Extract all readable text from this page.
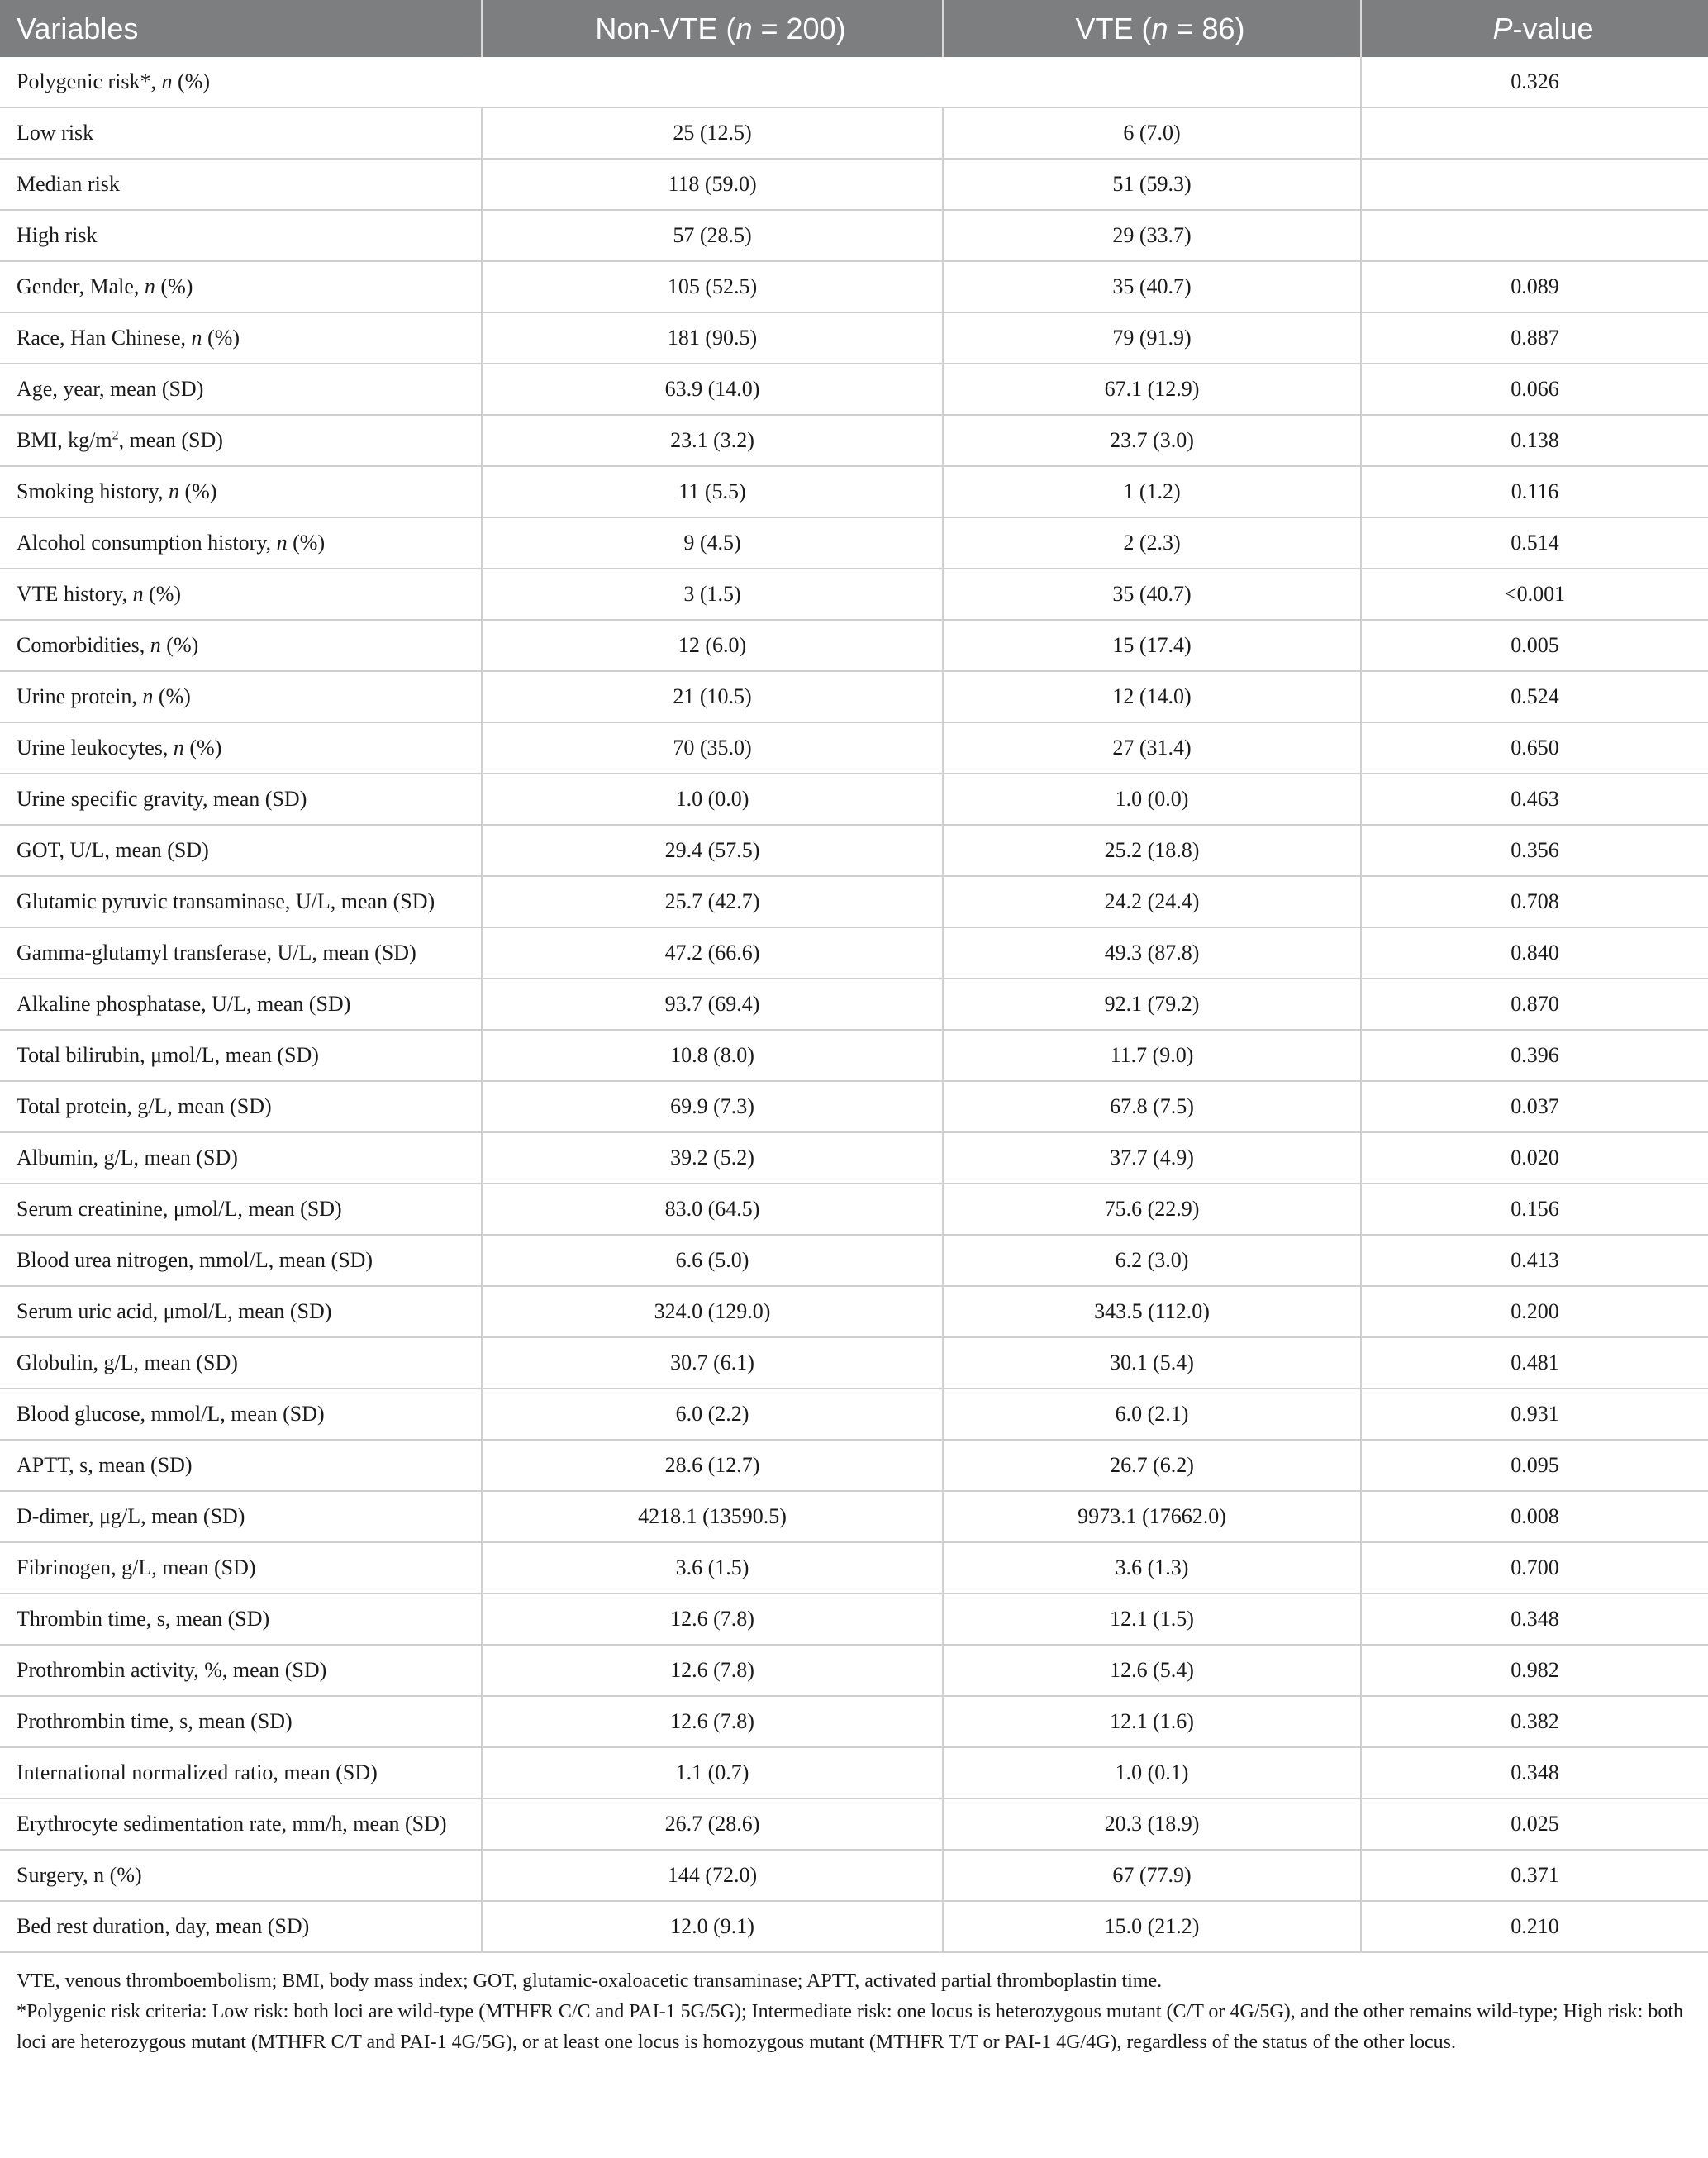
Variables	Non-VTE (n = 200)	VTE (n = 86)	P-value
Polygenic risk*, n (%)			0.326
Low risk	25 (12.5)	6 (7.0)	
Median risk	118 (59.0)	51 (59.3)	
High risk	57 (28.5)	29 (33.7)	
Gender, Male, n (%)	105 (52.5)	35 (40.7)	0.089
Race, Han Chinese, n (%)	181 (90.5)	79 (91.9)	0.887
Age, year, mean (SD)	63.9 (14.0)	67.1 (12.9)	0.066
BMI, $kg/m^2$, mean (SD)	23.1 (3.2)	23.7 (3.0)	0.138
Smoking history, n (%)	11 (5.5)	1 (1.2)	0.116
Alcohol consumption history, n (%)	9 (4.5)	2 (2.3)	0.514
VTE history, n (%)	3 (1.5)	35 (40.7)	<0.001
Comorbidities, n (%)	12 (6.0)	15 (17.4)	0.005
Urine protein, n (%)	21 (10.5)	12 (14.0)	0.524
Urine leukocytes, n (%)	70 (35.0)	27 (31.4)	0.650
Urine specific gravity, mean (SD)	1.0 (0.0)	1.0 (0.0)	0.463
GOT, U/L, mean (SD)	29.4 (57.5)	25.2 (18.8)	0.356
Glutamic pyruvic transaminase, U/L, mean (SD)	25.7 (42.7)	24.2 (24.4)	0.708
Gamma-glutamyl transferase, U/L, mean (SD)	47.2 (66.6)	49.3 (87.8)	0.840
Alkaline phosphatase, U/L, mean (SD)	93.7 (69.4)	92.1 (79.2)	0.870
Total bilirubin, μmol/L, mean (SD)	10.8 (8.0)	11.7 (9.0)	0.396
Total protein, g/L, mean (SD)	69.9 (7.3)	67.8 (7.5)	0.037
Albumin, g/L, mean (SD)	39.2 (5.2)	37.7 (4.9)	0.020
Serum creatinine, μmol/L, mean (SD)	83.0 (64.5)	75.6 (22.9)	0.156
Blood urea nitrogen, mmol/L, mean (SD)	6.6 (5.0)	6.2 (3.0)	0.413
Serum uric acid, μmol/L, mean (SD)	324.0 (129.0)	343.5 (112.0)	0.200
Globulin, g/L, mean (SD)	30.7 (6.1)	30.1 (5.4)	0.481
Blood glucose, mmol/L, mean (SD)	6.0 (2.2)	6.0 (2.1)	0.931
APTT, s, mean (SD)	28.6 (12.7)	26.7 (6.2)	0.095
D-dimer, μg/L, mean (SD)	4218.1 (13590.5)	9973.1 (17662.0)	0.008
Fibrinogen, g/L, mean (SD)	3.6 (1.5)	3.6 (1.3)	0.700
Thrombin time, s, mean (SD)	12.6 (7.8)	12.1 (1.5)	0.348
Prothrombin activity, %, mean (SD)	12.6 (7.8)	12.6 (5.4)	0.982
Prothrombin time, s, mean (SD)	12.6 (7.8)	12.1 (1.6)	0.382
International normalized ratio, mean (SD)	1.1 (0.7)	1.0 (0.1)	0.348
Erythrocyte sedimentation rate, mm/h, mean (SD)	26.7 (28.6)	20.3 (18.9)	0.025
Surgery, n (%)	144 (72.0)	67 (77.9)	0.371
Bed rest duration, day, mean (SD)	12.0 (9.1)	15.0 (21.2)	0.210

VTE, venous thromboembolism; BMI, body mass index; GOT, glutamic-oxaloacetic transaminase; APTT, activated partial thromboplastin time.

*Polygenic risk criteria: Low risk: both loci are wild-type (MTHFR C/C and PAI-1 5G/5G); Intermediate risk: one locus is heterozygous mutant (C/T or 4G/5G), and the other remains wild-type; High risk: both loci are heterozygous mutant (MTHFR C/T and PAI-1 4G/5G), or at least one locus is homozygous mutant (MTHFR T/T or PAI-1 4G/4G), regardless of the status of the other locus.
